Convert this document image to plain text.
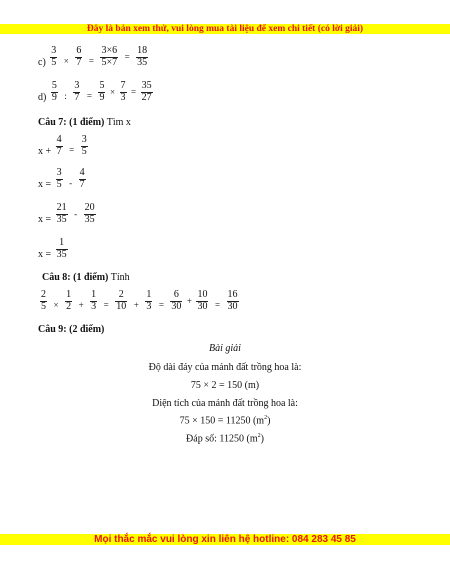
Đây là bản xem thử, vui lòng mua tài liệu để xem chi tiết (có lời giải)
$c) \frac{3}{5} \times \frac{6}{7} = \frac{3\times 6}{5\times 7} = \frac{18}{35}$
$d) \frac{5}{9}$ : $\frac{3}{7} = \frac{5}{9} \times \frac{7}{3} = \frac{35}{27}$
Câu 7: (1 điểm) Tìm x
$x + \frac{4}{7} = \frac{3}{5}$
$x = \frac{3}{5} - \frac{4}{7}$
$x = \frac{21}{35} - \frac{20}{35}$
$x = \frac{1}{35}$
Câu 8: (1 điểm) Tính
$\frac{2}{5} \times \frac{1}{2} + \frac{1}{3} = \frac{2}{10} + \frac{1}{3} = \frac{6}{30} + \frac{10}{30} = \frac{16}{30}$
Câu 9: (2 điểm)
Bài giải
Độ dài đáy của mảnh đất trồng hoa là:
75 × 2 = 150 (m)
Diện tích của mảnh đất trồng hoa là:
75 × 150 = 11250 $(m^2)$
Đáp số: 11250 $(m^2)$
Mọi thắc mắc vui lòng xin liên hệ hotline: 084 283 45 85
